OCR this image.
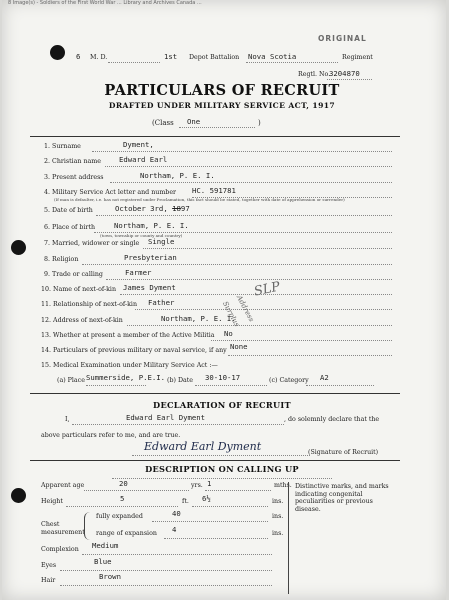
8 Image(s) - Soldiers of the First World War ... Library and Archives Canada ...
ORIGINAL
6 M. D.	1st Depot Battalion Nova Scotia	Regiment
Regtl. No.
3204870
PARTICULARS OF RECRUIT
DRAFTED UNDER MILITARY SERVICE ACT, 1917
(Class One	)
1. Surname	Dyment,
2. Christian name Edward Earl
3. Present address	Northam, P. E. I.
4. Military Service Act letter and number HC. 591781
(If man is defaulter, i.e. has not registered under Proclamation, this fact should be stated, together with date of apprehension or surrender)
5. Date of birth	October 3rd, 1897
6. Place of birth	Northam, P. E. I.
(town, township or county and country)
7. Married, widower or single Single
8. Religion	Presbyterian
9. Trade or calling	Farmer
10. Name of next-of-kin James Dyment
11. Relationship of next-of-kin Father
12. Address of next-of-kin	Northam, P. E. I.
13. Whether at present a member of the Active Militia No
14. Particulars of previous military or naval service, if any None
15. Medical Examination under Military Service Act :—
(a) Place Summerside, P.E.I. (b) Date 30-10-17	(c) Category A2
Surplus
Address
SLP
DECLARATION OF RECRUIT
I,	Edward Earl Dyment	, do solemnly declare that the
above particulars refer to me, and are true.
Edward Earl Dyment	(Signature of Recruit)
DESCRIPTION ON CALLING UP
Apparent age	20	yrs. 1	mths.
Height	5	ft. 6½	ins.
Chest
measurement
fully expanded	40	ins.
range of expansion 4	ins.
Complexion Medium
Eyes	Blue
Hair	Brown
Distinctive marks, and marks indicating congenital peculiarities or previous disease.
